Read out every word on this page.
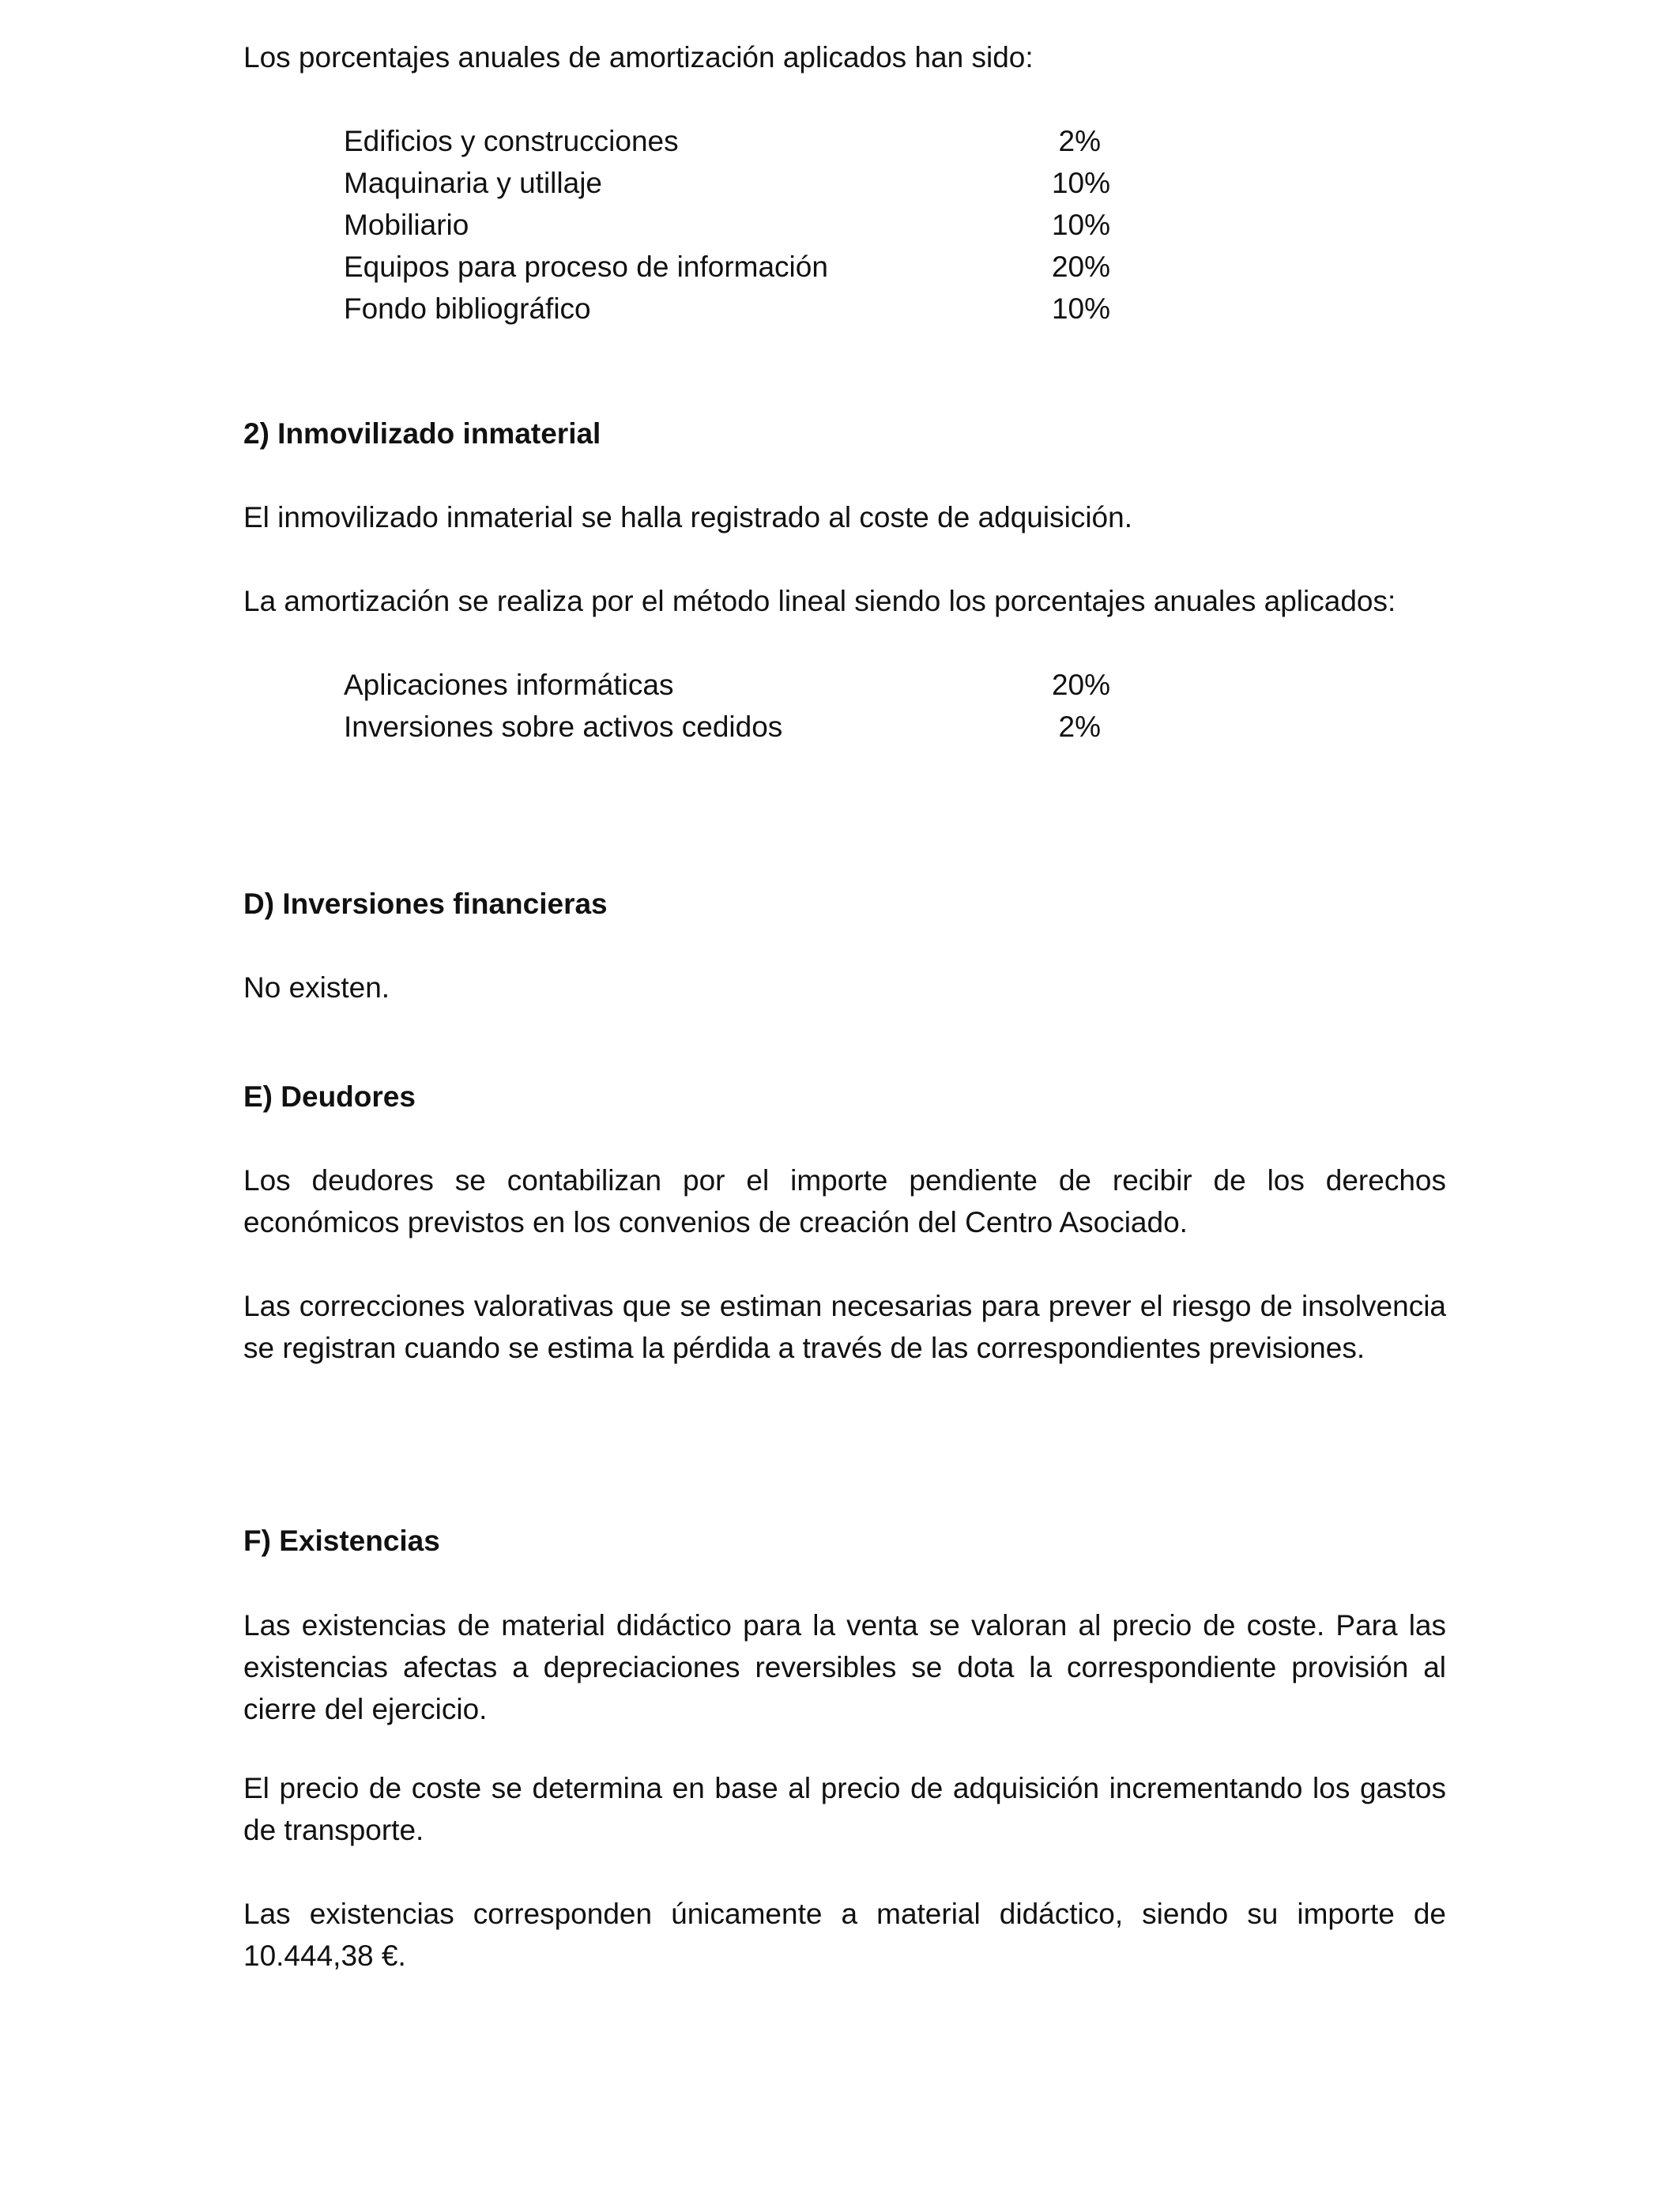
Los porcentajes anuales de amortización aplicados han sido:

Edificios y construcciones	2%
Maquinaria y utillaje	10%
Mobiliario	10%
Equipos para proceso de información	20%
Fondo bibliográfico	10%

2) Inmovilizado inmaterial

El inmovilizado inmaterial se halla registrado al coste de adquisición.

La amortización se realiza por el método lineal siendo los porcentajes anuales aplicados:

Aplicaciones informáticas	20%
Inversiones sobre activos cedidos	2%

D) Inversiones financieras

No existen.

E) Deudores

Los deudores se contabilizan por el importe pendiente de recibir de los derechos económicos previstos en los convenios de creación del Centro Asociado.

Las correcciones valorativas que se estiman necesarias para prever el riesgo de insolvencia se registran cuando se estima la pérdida a través de las correspondientes previsiones.

F) Existencias

Las existencias de material didáctico para la venta se valoran al precio de coste. Para las existencias afectas a depreciaciones reversibles se dota la correspondiente provisión al cierre del ejercicio.

El precio de coste se determina en base al precio de adquisición incrementando los gastos de transporte.

Las existencias corresponden únicamente a material didáctico, siendo su importe de 10.444,38 €.
